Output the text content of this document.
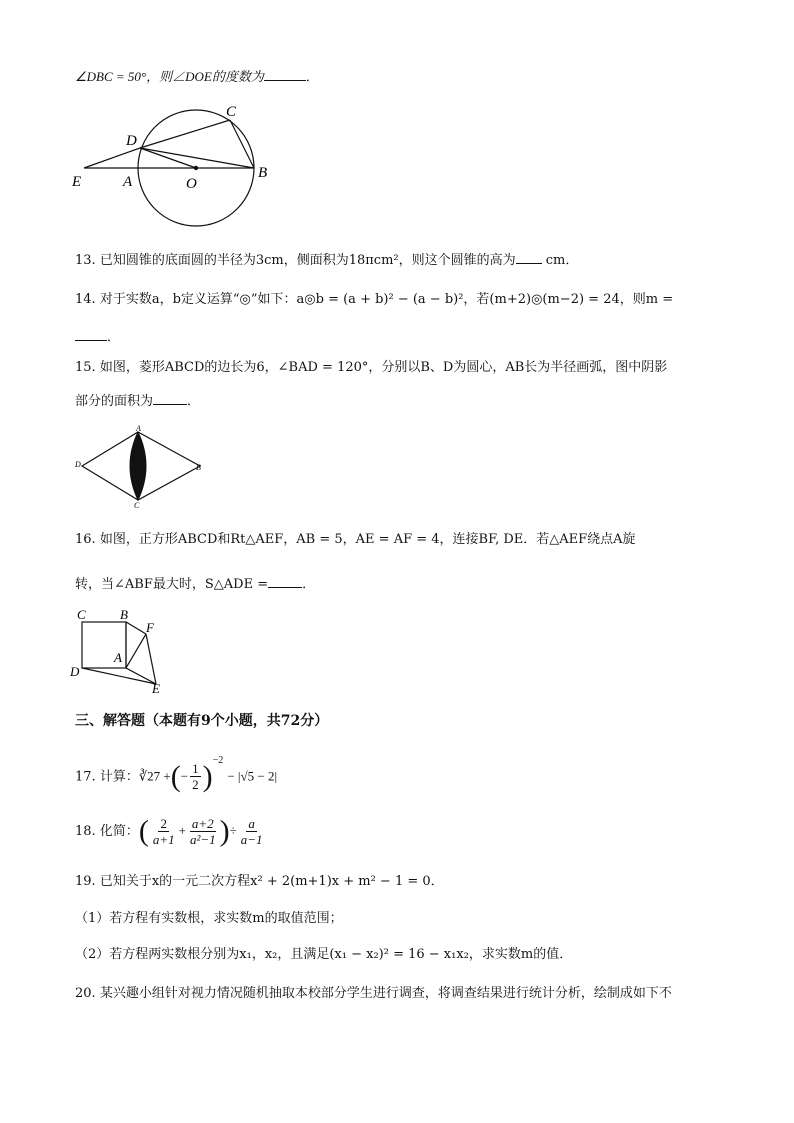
∠DBC = 50°，则∠DOE的度数为	．
C
D
E	A	O
B
13. 已知圆锥的底面圆的半径为3cm，侧面积为18πcm²，则这个圆锥的高为 cm．
14. 对于实数a，b定义运算“◎”如下：a◎b = (a + b)² − (a − b)²，若(m+2)◎(m−2) = 24，则m =
．
15. 如图，菱形ABCD的边长为6，∠BAD = 120°，分别以B、D为圆心，AB长为半径画弧，图中阴影
部分的面积为	．
A
B
C
D
16. 如图，正方形ABCD和Rt△AEF，AB = 5，AE = AF = 4，连接BF, DE．若△AEF绕点A旋
转，当∠ABF最大时，S△ADE =	．
C	B
F
A
D
E
三、解答题（本题有9个小题，共72分）
17. 计算：∛27 +(− $\frac{1}{2} )^{-2} - |√5 - 2|$
18. 化简：( $\frac{2}{a+1} + \frac{a+2}{\text{a²−1}}$ )÷ $\frac{a}{a-1}$
19. 已知关于x的一元二次方程x² + 2(m+1)x + m² − 1 = 0．
（1）若方程有实数根，求实数m的取值范围；
（2）若方程两实数根分别为x₁，x₂，且满足(x₁ − x₂)² = 16 − x₁x₂，求实数m的值．
20. 某兴趣小组针对视力情况随机抽取本校部分学生进行调查，将调查结果进行统计分析，绘制成如下不
